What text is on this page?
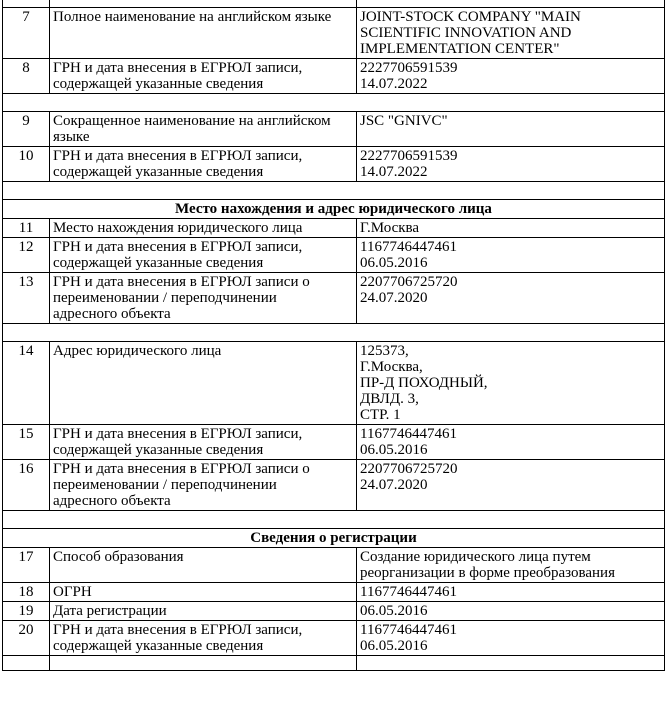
7	Полное наименование на английском языке	JOINT-STOCK COMPANY "MAIN
SCIENTIFIC INNOVATION AND
IMPLEMENTATION CENTER"

8	ГРН и дата внесения в ЕГРЮЛ записи,
содержащей указанные сведения	2227706591539
14.07.2022

9	Сокращенное наименование на английском
языке	JSC "GNIVC"

10	ГРН и дата внесения в ЕГРЮЛ записи,
содержащей указанные сведения	2227706591539
14.07.2022

Место нахождения и адрес юридического лица		
11	Место нахождения юридического лица	Г.Москва
12	ГРН и дата внесения в ЕГРЮЛ записи,
содержащей указанные сведения	1167746447461
06.05.2016

13	ГРН и дата внесения в ЕГРЮЛ записи о
переименовании / переподчинении
адресного объекта	2207706725720
24.07.2020

14	Адрес юридического лица	125373,
Г.Москва,
ПР-Д ПОХОДНЫЙ,
ДВЛД. 3,
СТР. 1

15	ГРН и дата внесения в ЕГРЮЛ записи,
содержащей указанные сведения	1167746447461
06.05.2016

16	ГРН и дата внесения в ЕГРЮЛ записи о
переименовании / переподчинении
адресного объекта	2207706725720
24.07.2020

Сведения о регистрации		
17	Способ образования	Создание юридического лица путем
реорганизации в форме преобразования

18	ОГРН	1167746447461
19	Дата регистрации	06.05.2016
20	ГРН и дата внесения в ЕГРЮЛ записи,
содержащей указанные сведения	1167746447461
06.05.2016
